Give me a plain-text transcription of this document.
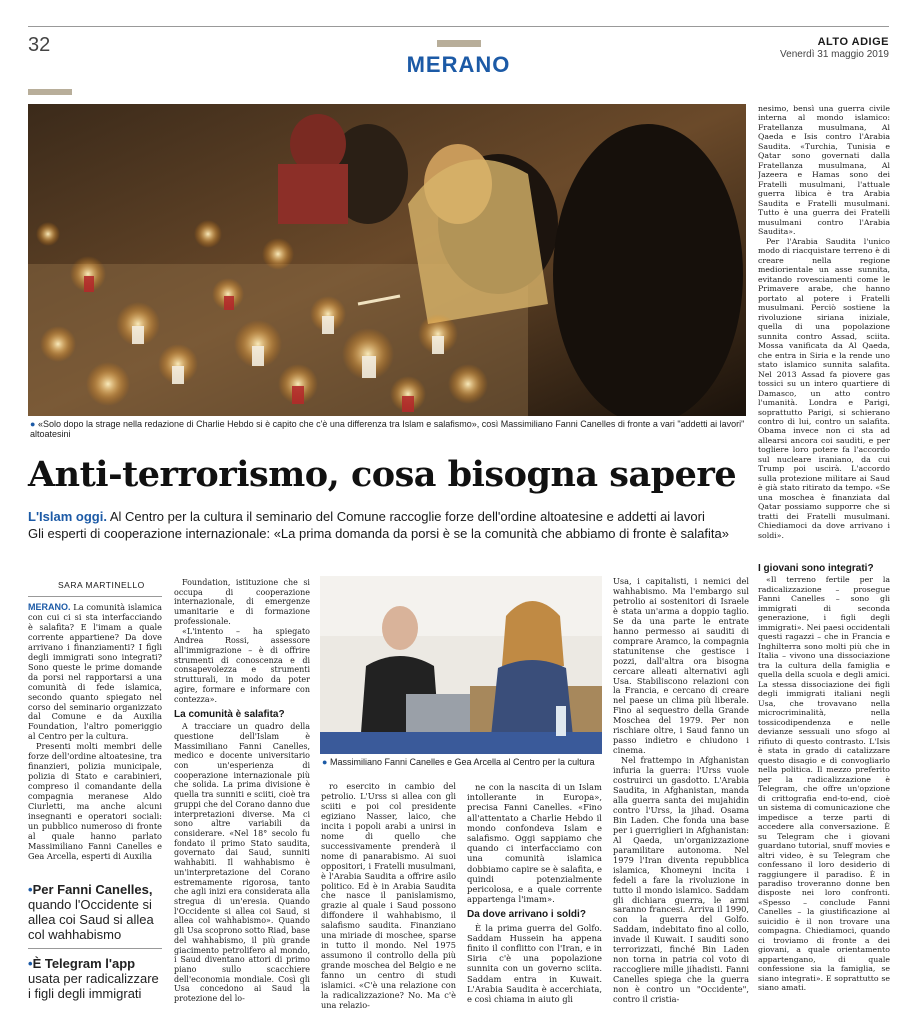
32
MERANO
ALTO ADIGE
Venerdì 31 maggio 2019
● «Solo dopo la strage nella redazione di Charlie Hebdo si è capito che c'è una differenza tra Islam e salafismo», così Massimiliano Fanni Canelles di fronte a vari "addetti ai lavori" altoatesini
Anti-terrorismo, cosa bisogna sapere
L'Islam oggi. Al Centro per la cultura il seminario del Comune raccoglie forze dell'ordine altoatesine e addetti ai lavori
Gli esperti di cooperazione internazionale: «La prima domanda da porsi è se la comunità che abbiamo di fronte è salafita»
SARA MARTINELLO

MERANO. La comunità islamica con cui ci si sta interfacciando è salafita? E l'imam a quale corrente appartiene? Da dove arrivano i finanziamenti? I figli degli immigrati sono integrati? Sono queste le prime domande da porsi nel rapportarsi a una comunità di fede islamica, secondo quanto spiegato nel corso del seminario organizzato dal Comune e da Auxilia Foundation, l'altro pomeriggio al Centro per la cultura.

Presenti molti membri delle forze dell'ordine altoatesine, tra finanzieri, polizia municipale, polizia di Stato e carabinieri, compreso il comandante della compagnia meranese Aldo Ciurletti, ma anche alcuni insegnanti e operatori sociali: un pubblico numeroso di fronte al quale hanno parlato Massimiliano Fanni Canelles e Gea Arcella, esperti di Auxilia

•Per Fanni Canelles,
quando l'Occidente si allea coi Saud si allea col wahhabismo
•È Telegram l'app
usata per radicalizzare i figli degli immigrati

Foundation, istituzione che si occupa di cooperazione internazionale, di emergenze umanitarie e di formazione professionale.

«L'intento – ha spiegato Andrea Rossi, assessore all'immigrazione – è di offrire strumenti di conoscenza e di consapevolezza e strumenti strutturali, in modo da poter agire, formare e informare con contezza».

La comunità è salafita?

A tracciare un quadro della questione dell'Islam è Massimiliano Fanni Canelles, medico e docente universitario con un'esperienza di cooperazione internazionale più che solida. La prima divisione è quella tra sunniti e sciiti, cioè tra gruppi che del Corano danno due interpretazioni diverse. Ma ci sono altre variabili da considerare. «Nel 18° secolo fu fondato il primo Stato saudita, governato dai Saud, sunniti wahhabiti. Il wahhabismo è un'interpretazione del Corano estremamente rigorosa, tanto che agli inizi era considerata alla stregua di un'eresia. Quando l'Occidente si allea coi Saud, si allea col wahhabismo». Quando gli Usa scoprono sotto Riad, base del wahhabismo, il più grande giacimento petrolifero al mondo, i Saud diventano attori di primo piano sullo scacchiere dell'economia mondiale. Così gli Usa concedono ai Saud la protezione del lo-

● Massimiliano Fanni Canelles e Gea Arcella al Centro per la cultura

ro esercito in cambio del petrolio. L'Urss si allea con gli sciiti e poi col presidente egiziano Nasser, laico, che incita i popoli arabi a unirsi in nome di quello che successivamente prenderà il nome di panarabismo. Ai suoi oppositori, i Fratelli musulmani, è l'Arabia Saudita a offrire asilo politico. Ed è in Arabia Saudita che nasce il panislamismo, grazie al quale i Saud possono diffondere il wahhabismo, il salafismo saudita. Finanziano una miriade di moschee, sparse in tutto il mondo. Nel 1975 assumono il controllo della più grande moschea del Belgio e ne fanno un centro di studi islamici. «C'è una relazione con la radicalizzazione? No. Ma c'è una relazio-

ne con la nascita di un Islam intollerante in Europa», precisa Fanni Canelles. «Fino all'attentato a Charlie Hebdo il mondo confondeva Islam e salafismo. Oggi sappiamo che quando ci interfacciamo con una comunità islamica dobbiamo capire se è salafita, e quindi potenzialmente pericolosa, e a quale corrente appartenga l'imam».

Da dove arrivano i soldi?

È la prima guerra del Golfo. Saddam Hussein ha appena finito il conflitto con l'Iran, e in Siria c'è una popolazione sunnita con un governo sciita. Saddam entra in Kuwait. L'Arabia Saudita è accerchiata, e così chiama in aiuto gli

Usa, i capitalisti, i nemici del wahhabismo. Ma l'embargo sul petrolio ai sostenitori di Israele è stata un'arma a doppio taglio. Se da una parte le entrate hanno permesso ai sauditi di comprare Aramco, la compagnia statunitense che gestisce i pozzi, dall'altra ora bisogna cercare alleati alternativi agli Usa. Stabiliscono relazioni con la Francia, e cercano di creare nel paese un clima più liberale. Fino al sequestro della Grande Moschea del 1979. Per non rischiare oltre, i Saud fanno un passo indietro e chiudono i cinema.

Nel frattempo in Afghanistan infuria la guerra: l'Urss vuole costruirci un gasdotto. L'Arabia Saudita, in Afghanistan, manda alla guerra santa dei mujahidin contro l'Urss, la jihad. Osama Bin Laden. Che fonda una base per i guerriglieri in Afghanistan: Al Qaeda, un'organizzazione paramilitare autonoma. Nel 1979 l'Iran diventa repubblica islamica, Khomeyni incita i fedeli a fare la rivoluzione in tutto il mondo islamico. Saddam gli dichiara guerra, le armi saranno francesi. Arriva il 1990, con la guerra del Golfo. Saddam, indebitato fino al collo, invade il Kuwait. I sauditi sono terrorizzati, finché Bin Laden non torna in patria col voto di raccogliere mille jihadisti. Fanni Canelles spiega che la guerra non è contro un "Occidente", contro il cristia-

nesimo, bensì una guerra civile interna al mondo islamico: Fratellanza musulmana, Al Qaeda e Isis contro l'Arabia Saudita. «Turchia, Tunisia e Qatar sono governati dalla Fratellanza musulmana, Al Jazeera e Hamas sono dei Fratelli musulmani, l'attuale guerra libica è tra Arabia Saudita e Fratelli musulmani. Tutto è una guerra dei Fratelli musulmani contro l'Arabia Saudita».

Per l'Arabia Saudita l'unico modo di riacquistare terreno è di creare nella regione mediorientale un asse sunnita, evitando rovesciamenti come le Primavere arabe, che hanno portato al potere i Fratelli musulmani. Perciò sostiene la rivoluzione siriana iniziale, quella di una popolazione sunnita contro Assad, sciita. Mossa vanificata da Al Qaeda, che entra in Siria e la rende uno stato islamico sunnita salafita. Nel 2013 Assad fa piovere gas tossici su un intero quartiere di Damasco, un atto contro l'umanità. Londra e Parigi, soprattutto Parigi, si schierano contro di lui, contro un salafita. Obama invece non ci sta ad allearsi ancora coi sauditi, e per togliere loro potere fa l'accordo sul nucleare iraniano, da cui Trump poi uscirà. L'accordo sulla protezione militare ai Saud è già stato ritirato da tempo. «Se una moschea è finanziata dal Qatar possiamo supporre che si tratti dei Fratelli musulmani. Chiediamoci da dove arrivano i soldi».

I giovani sono integrati?

«Il terreno fertile per la radicalizzazione – prosegue Fanni Canelles – sono gli immigrati di seconda generazione, i figli degli immigrati». Nei paesi occidentali questi ragazzi – che in Francia e Inghilterra sono molti più che in Italia – vivono una dissociazione tra la cultura della famiglia e quella della scuola e degli amici. La stessa dissociazione dei figli degli immigrati italiani negli Usa, che trovavano nella microcriminalità, nella tossicodipendenza e nelle devianze sessuali uno sfogo al rifiuto di questo contrasto. L'Isis è stata in grado di catalizzare questo disagio e di convogliarlo nella politica. Il mezzo preferito per la radicalizzazione è Telegram, che offre un'opzione di crittografia end-to-end, cioè un sistema di comunicazione che impedisce a terze parti di accedere alla conversazione. È su Telegram che i giovani guardano tutorial, snuff movies e altri video, è su Telegram che confessano il loro desiderio di raggiungere il paradiso. È in paradiso troveranno donne ben disposte nei loro confronti. «Spesso – conclude Fanni Canelles – la giustificazione al suicidio è il non trovare una compagna. Chiediamoci, quando ci troviamo di fronte a dei giovani, a quale orientamento appartengano, di quale confessione sia la famiglia, se siano integrati». E soprattutto se siano amati.
